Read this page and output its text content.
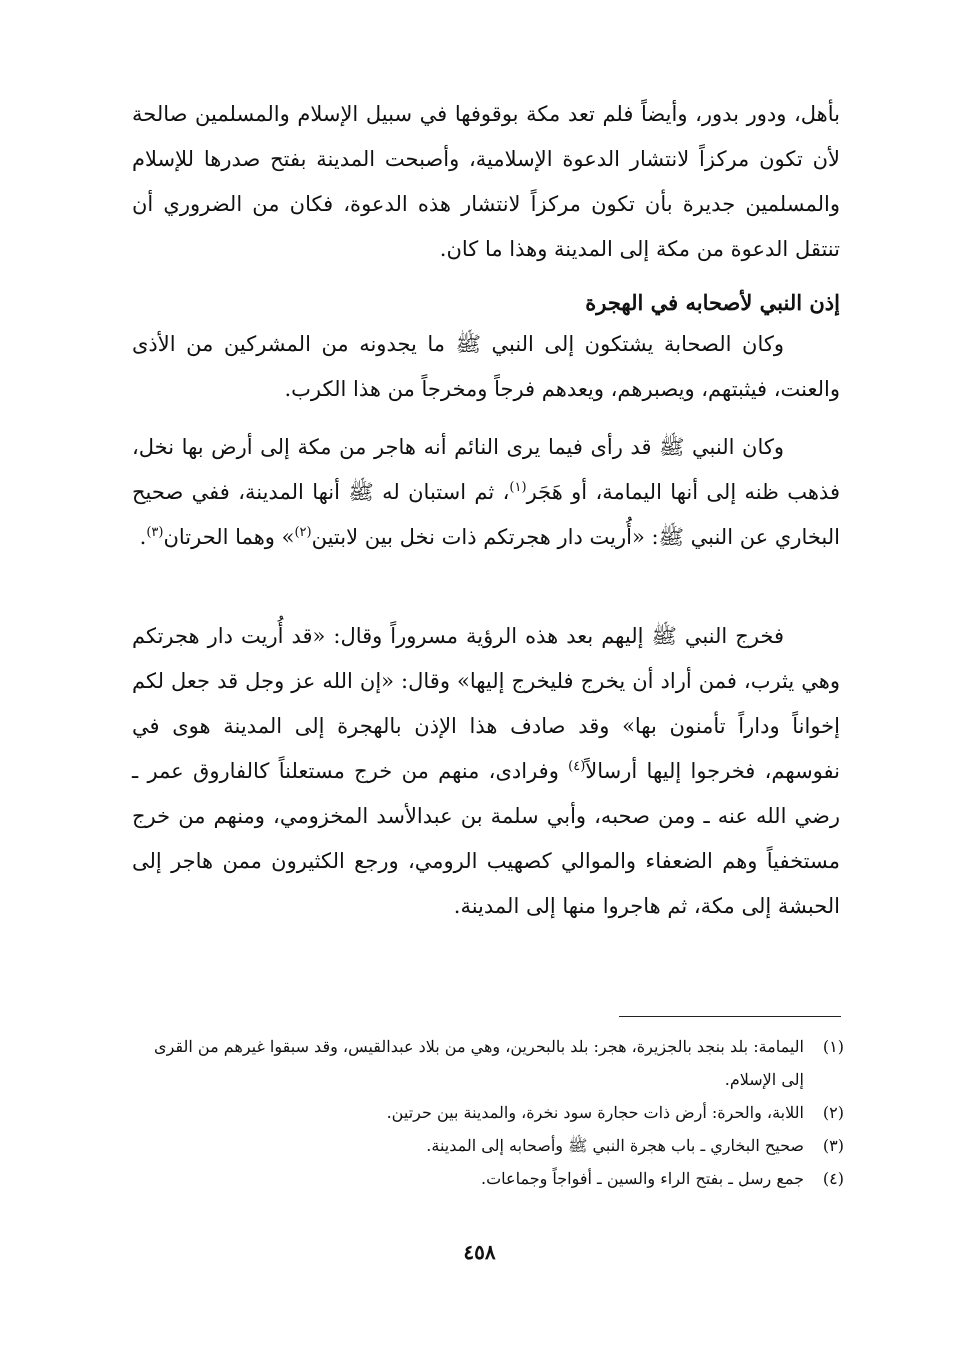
بأهل، ودور بدور، وأيضاً فلم تعد مكة بوقوفها في سبيل الإسلام والمسلمين صالحة لأن تكون مركزاً لانتشار الدعوة الإسلامية، وأصبحت المدينة بفتح صدرها للإسلام والمسلمين جديرة بأن تكون مركزاً لانتشار هذه الدعوة، فكان من الضروري أن تنتقل الدعوة من مكة إلى المدينة وهذا ما كان.

إذن النبي لأصحابه في الهجرة

وكان الصحابة يشتكون إلى النبي ﷺ ما يجدونه من المشركين من الأذى والعنت، فيثبتهم، ويصبرهم، ويعدهم فرجاً ومخرجاً من هذا الكرب.

وكان النبي ﷺ قد رأى فيما يرى النائم أنه هاجر من مكة إلى أرض بها نخل، فذهب ظنه إلى أنها اليمامة، أو هَجَر$^{(١)}$، ثم استبان له ﷺ أنها المدينة، ففي صحيح البخاري عن النبي ﷺ: «أُريت دار هجرتكم ذات نخل بين لابتين$^{(٢)}$» وهما الحرتان$^{(٣)}$.

فخرج النبي ﷺ إليهم بعد هذه الرؤية مسروراً وقال: «قد أُريت دار هجرتكم وهي يثرب، فمن أراد أن يخرج فليخرج إليها» وقال: «إن الله عز وجل قد جعل لكم إخواناً وداراً تأمنون بها» وقد صادف هذا الإذن بالهجرة إلى المدينة هوى في نفوسهم، فخرجوا إليها أرسالاً$^{(٤)}$ وفرادى، منهم من خرج مستعلناً كالفاروق عمر ـ رضي الله عنه ـ ومن صحبه، وأبي سلمة بن عبدالأسد المخزومي، ومنهم من خرج مستخفياً وهم الضعفاء والموالي كصهيب الرومي، ورجع الكثيرون ممن هاجر إلى الحبشة إلى مكة، ثم هاجروا منها إلى المدينة.

(١)اليمامة: بلد بنجد بالجزيرة، هجر: بلد بالبحرين، وهي من بلاد عبدالقيس، وقد سبقوا غيرهم من القرى إلى الإسلام.

(٢)اللابة، والحرة: أرض ذات حجارة سود نخرة، والمدينة بين حرتين.

(٣)صحيح البخاري ـ باب هجرة النبي ﷺ وأصحابه إلى المدينة.

(٤)جمع رسل ـ بفتح الراء والسين ـ أفواجاً وجماعات.

٤٥٨
